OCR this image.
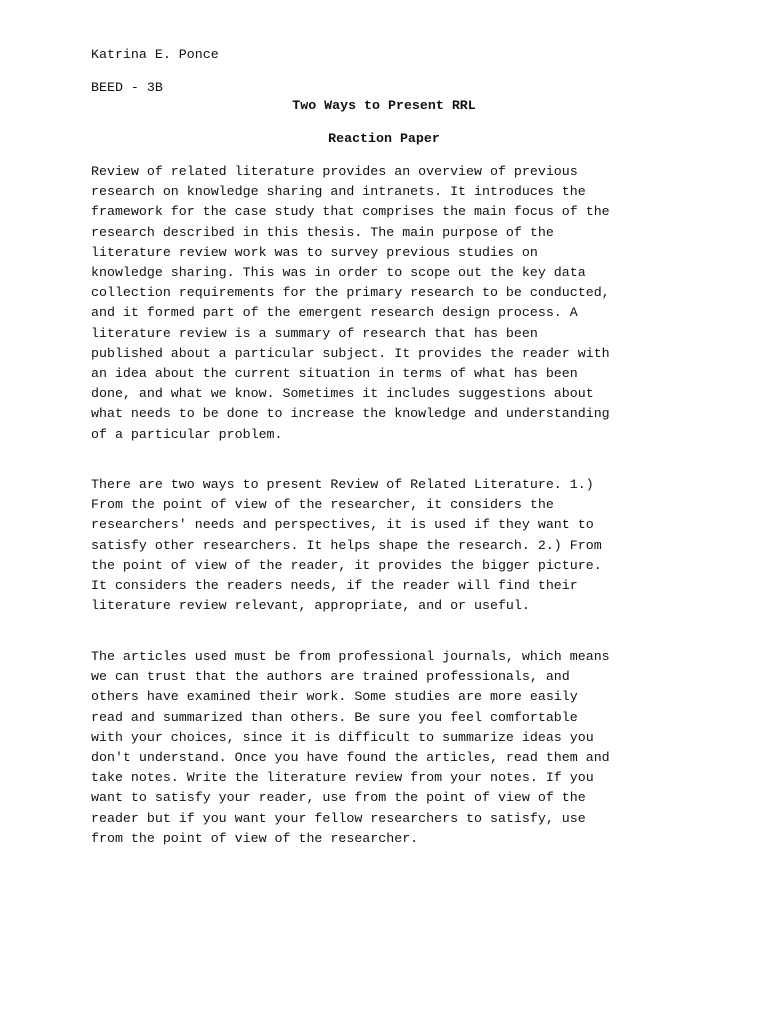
Katrina E. Ponce
BEED - 3B
Two Ways to Present RRL
Reaction Paper
Review of related literature provides an overview of previous
research on knowledge sharing and intranets. It introduces the
framework for the case study that comprises the main focus of the
research described in this thesis. The main purpose of the
literature review work was to survey previous studies on
knowledge sharing. This was in order to scope out the key data
collection requirements for the primary research to be conducted,
and it formed part of the emergent research design process. A
literature review is a summary of research that has been
published about a particular subject. It provides the reader with
an idea about the current situation in terms of what has been
done, and what we know. Sometimes it includes suggestions about
what needs to be done to increase the knowledge and understanding
of a particular problem.
There are two ways to present Review of Related Literature. 1.)
From the point of view of the researcher, it considers the
researchers' needs and perspectives, it is used if they want to
satisfy other researchers. It helps shape the research. 2.) From
the point of view of the reader, it provides the bigger picture.
It considers the readers needs, if the reader will find their
literature review relevant, appropriate, and or useful.
The articles used must be from professional journals, which means
we can trust that the authors are trained professionals, and
others have examined their work. Some studies are more easily
read and summarized than others. Be sure you feel comfortable
with your choices, since it is difficult to summarize ideas you
don't understand. Once you have found the articles, read them and
take notes. Write the literature review from your notes. If you
want to satisfy your reader, use from the point of view of the
reader but if you want your fellow researchers to satisfy, use
from the point of view of the researcher.
